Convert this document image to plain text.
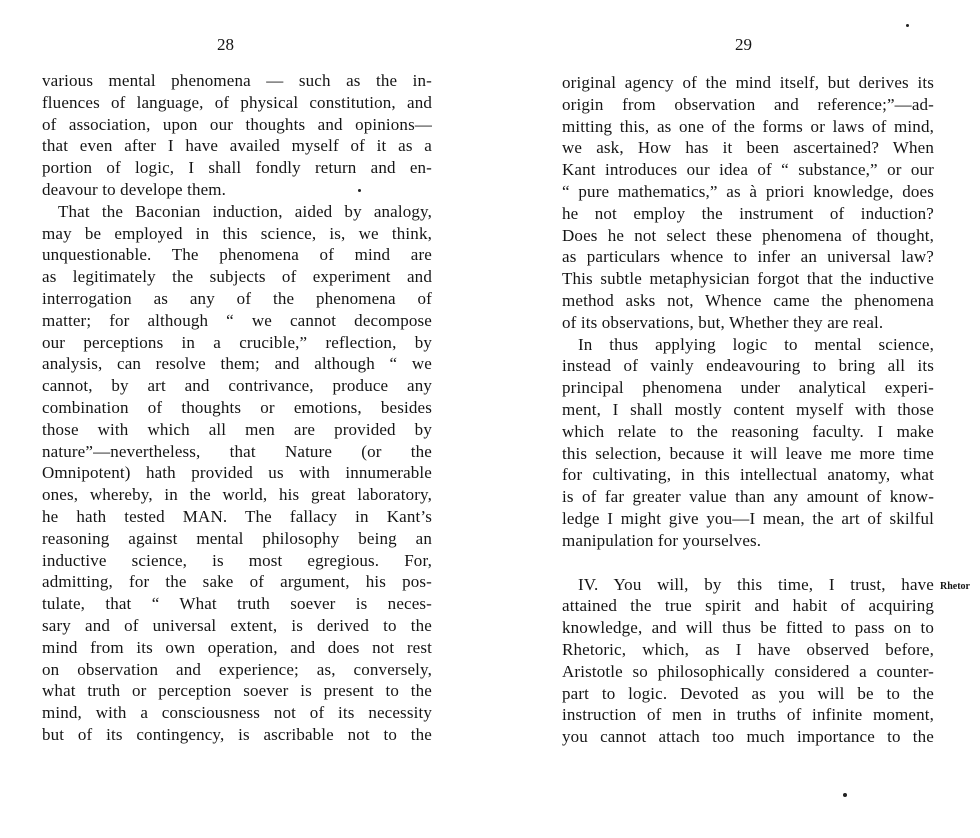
28
various mental phenomena — such as the in-
fluences of language, of physical constitution, and
of association, upon our thoughts and opinions—
that even after I have availed myself of it as a
portion of logic, I shall fondly return and en-
deavour to develope them.
That the Baconian induction, aided by analogy,
may be employed in this science, is, we think,
unquestionable. The phenomena of mind are
as legitimately the subjects of experiment and
interrogation as any of the phenomena of
matter; for although “ we cannot decompose
our perceptions in a crucible,” reflection, by
analysis, can resolve them; and although “ we
cannot, by art and contrivance, produce any
combination of thoughts or emotions, besides
those with which all men are provided by
nature”—nevertheless, that Nature (or the
Omnipotent) hath provided us with innumerable
ones, whereby, in the world, his great laboratory,
he hath tested MAN. The fallacy in Kant’s
reasoning against mental philosophy being an
inductive science, is most egregious. For,
admitting, for the sake of argument, his pos-
tulate, that “ What truth soever is neces-
sary and of universal extent, is derived to the
mind from its own operation, and does not rest
on observation and experience; as, conversely,
what truth or perception soever is present to the
mind, with a consciousness not of its necessity
but of its contingency, is ascribable not to the
29
original agency of the mind itself, but derives its
origin from observation and reference;”—ad-
mitting this, as one of the forms or laws of mind,
we ask, How has it been ascertained? When
Kant introduces our idea of “ substance,” or our
“ pure mathematics,” as à priori knowledge, does
he not employ the instrument of induction?
Does he not select these phenomena of thought,
as particulars whence to infer an universal law?
This subtle metaphysician forgot that the inductive
method asks not, Whence came the phenomena
of its observations, but, Whether they are real.
In thus applying logic to mental science,
instead of vainly endeavouring to bring all its
principal phenomena under analytical experi-
ment, I shall mostly content myself with those
which relate to the reasoning faculty. I make
this selection, because it will leave me more time
for cultivating, in this intellectual anatomy, what
is of far greater value than any amount of know-
ledge I might give you—I mean, the art of skilful
manipulation for yourselves.
IV. You will, by this time, I trust, have
attained the true spirit and habit of acquiring
knowledge, and will thus be fitted to pass on to
Rhetoric, which, as I have observed before,
Aristotle so philosophically considered a counter-
part to logic. Devoted as you will be to the
instruction of men in truths of infinite moment,
you cannot attach too much importance to the
Rhetor
